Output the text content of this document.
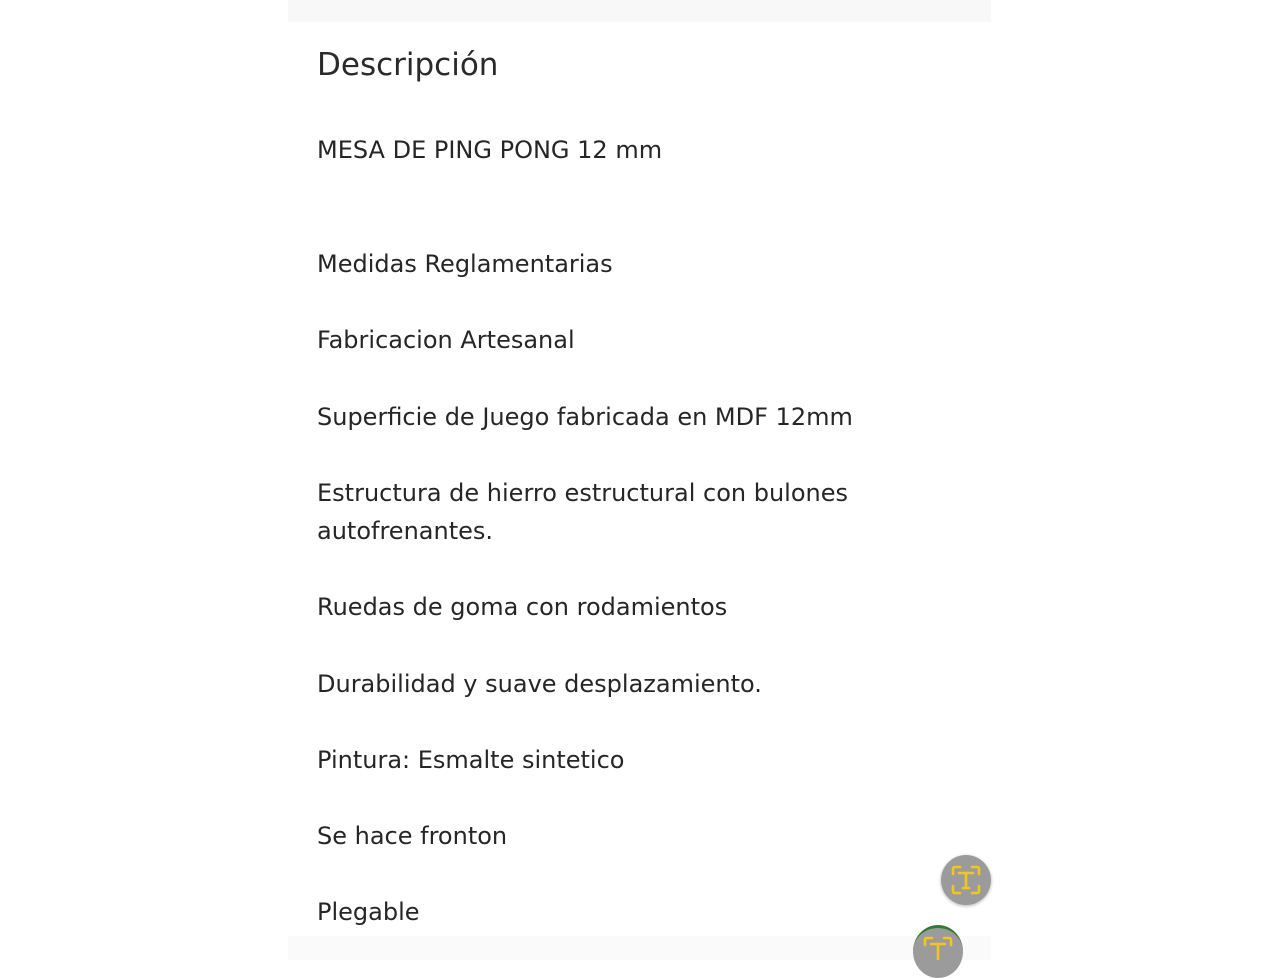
Descripción
MESA DE PING PONG 12 mm
Medidas Reglamentarias
Fabricacion Artesanal
Superficie de Juego fabricada en MDF 12mm
Estructura de hierro estructural con bulones
autofrenantes.
Ruedas de goma con rodamientos
Durabilidad y suave desplazamiento.
Pintura: Esmalte sintetico
Se hace fronton
Plegable
